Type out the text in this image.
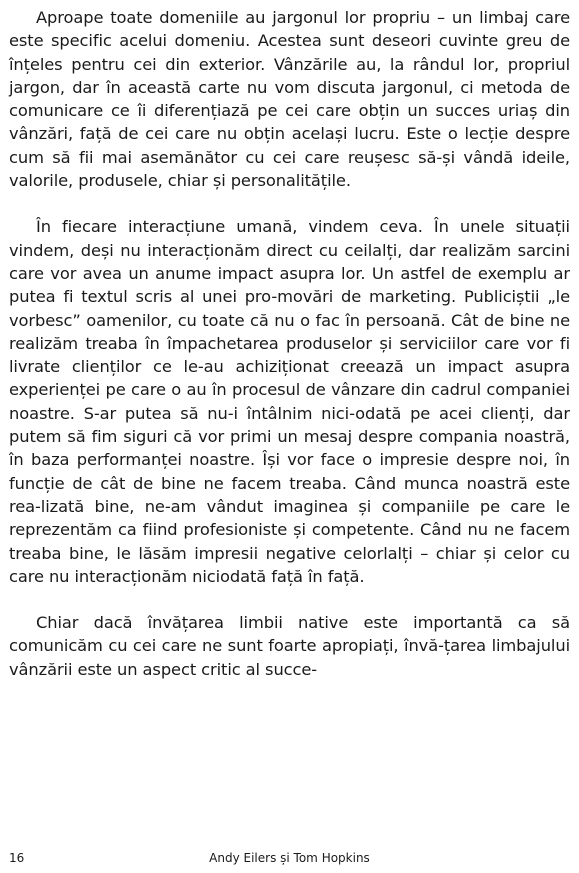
Aproape toate domeniile au jargonul lor propriu – un limbaj care este specific acelui domeniu. Acestea sunt deseori cuvinte greu de înțeles pentru cei din exterior. Vânzările au, la rândul lor, propriul jargon, dar în această carte nu vom discuta jargonul, ci metoda de comunicare ce îi diferențiază pe cei care obțin un succes uriaș din vânzări, față de cei care nu obțin același lucru. Este o lecție despre cum să fii mai asemănător cu cei care reușesc să-și vândă ideile, valorile, produsele, chiar și personalitățile.

În fiecare interacțiune umană, vindem ceva. În unele situații vindem, deși nu interacționăm direct cu ceilalți, dar realizăm sarcini care vor avea un anume impact asupra lor. Un astfel de exemplu ar putea fi textul scris al unei pro-movări de marketing. Publiciștii „le vorbesc” oamenilor, cu toate că nu o fac în persoană. Cât de bine ne realizăm treaba în împachetarea produselor și serviciilor care vor fi livrate clienților ce le-au achiziționat creează un impact asupra experienței pe care o au în procesul de vânzare din cadrul companiei noastre. S-ar putea să nu-i întâlnim nici-odată pe acei clienți, dar putem să fim siguri că vor primi un mesaj despre compania noastră, în baza performanței noastre. Își vor face o impresie despre noi, în funcție de cât de bine ne facem treaba. Când munca noastră este rea-lizată bine, ne-am vândut imaginea și companiile pe care le reprezentăm ca fiind profesioniste și competente. Când nu ne facem treaba bine, le lăsăm impresii negative celorlalți – chiar și celor cu care nu interacționăm niciodată față în față.

Chiar dacă învățarea limbii native este importantă ca să comunicăm cu cei care ne sunt foarte apropiați, învă-țarea limbajului vânzării este un aspect critic al succe-

Andy Eilers și Tom Hopkins
16
